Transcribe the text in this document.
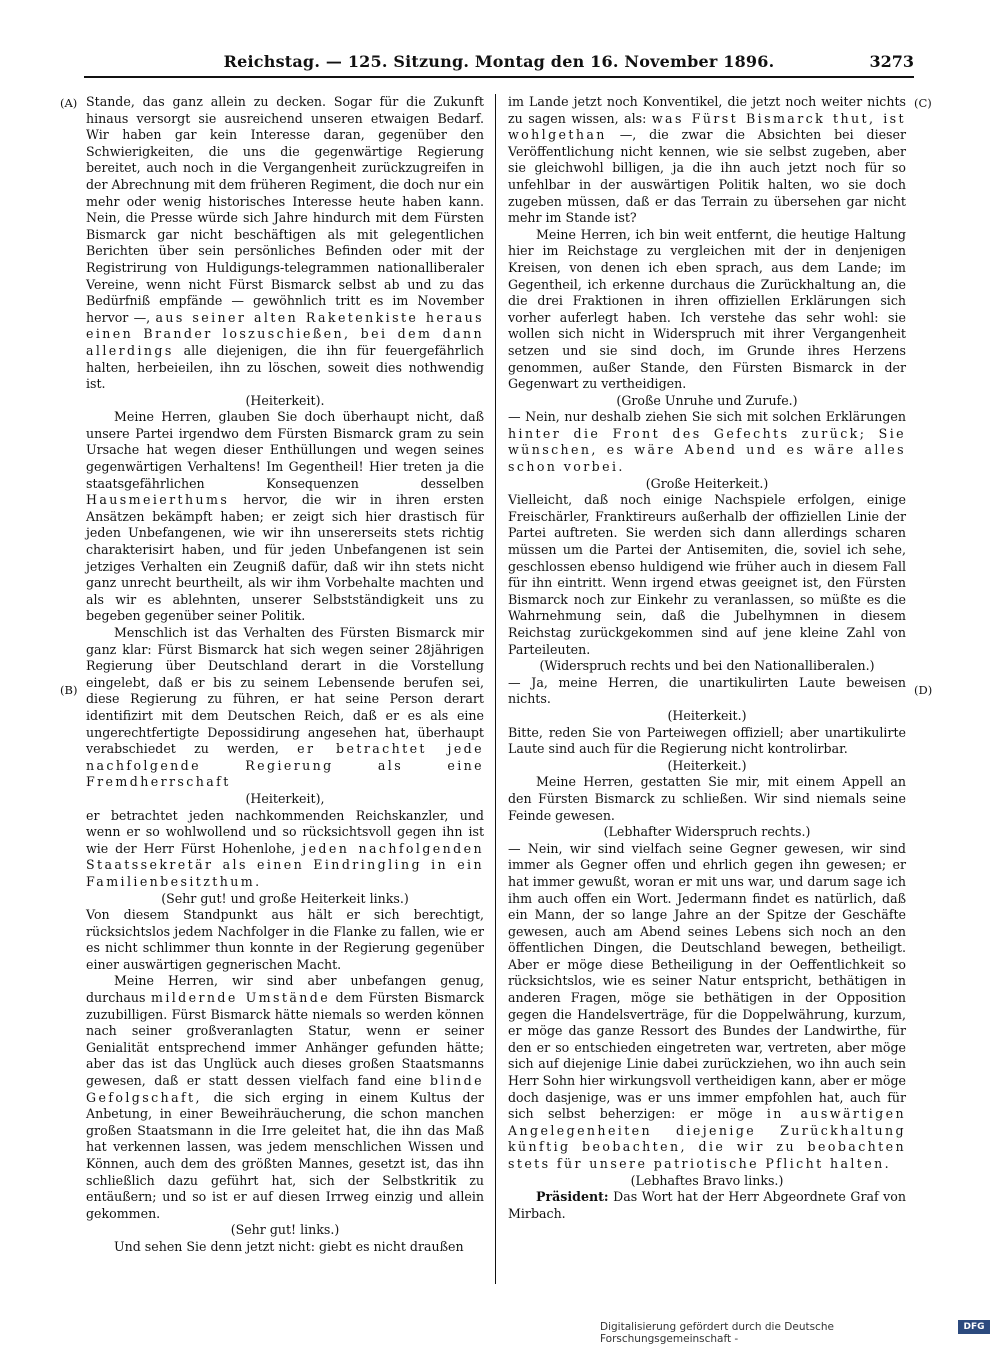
Reichstag. — 125. Sitzung. Montag den 16. November 1896.	3273
(A)
(B)
(C)
(D)

Stande, das ganz allein zu decken. Sogar für die Zukunft hinaus versorgt sie ausreichend unseren etwaigen Bedarf. Wir haben gar kein Interesse daran, gegenüber den Schwierigkeiten, die uns die gegenwärtige Regierung bereitet, auch noch in die Vergangenheit zurückzugreifen in der Abrechnung mit dem früheren Regiment, die doch nur ein mehr oder wenig historisches Interesse heute haben kann. Nein, die Presse würde sich Jahre hindurch mit dem Fürsten Bismarck gar nicht beschäftigen als mit gelegentlichen Berichten über sein persönliches Befinden oder mit der Registrirung von Huldigungs-telegrammen nationalliberaler Vereine, wenn nicht Fürst Bismarck selbst ab und zu das Bedürfniß empfände — gewöhnlich tritt es im November hervor —, aus seiner alten Raketenkiste heraus einen Brander loszuschießen, bei dem dann allerdings alle diejenigen, die ihn für feuergefährlich halten, herbeieilen, ihn zu löschen, soweit dies nothwendig ist.

(Heiterkeit).

Meine Herren, glauben Sie doch überhaupt nicht, daß unsere Partei irgendwo dem Fürsten Bismarck gram zu sein Ursache hat wegen dieser Enthüllungen und wegen seines gegenwärtigen Verhaltens! Im Gegentheil! Hier treten ja die staatsgefährlichen Konsequenzen desselben Hausmeierthums hervor, die wir in ihren ersten Ansätzen bekämpft haben; er zeigt sich hier drastisch für jeden Unbefangenen, wie wir ihn unsererseits stets richtig charakterisirt haben, und für jeden Unbefangenen ist sein jetziges Verhalten ein Zeugniß dafür, daß wir ihn stets nicht ganz unrecht beurtheilt, als wir ihm Vorbehalte machten und als wir es ablehnten, unserer Selbstständigkeit uns zu begeben gegenüber seiner Politik.

Menschlich ist das Verhalten des Fürsten Bismarck mir ganz klar: Fürst Bismarck hat sich wegen seiner 28jährigen Regierung über Deutschland derart in die Vorstellung eingelebt, daß er bis zu seinem Lebensende berufen sei, diese Regierung zu führen, er hat seine Person derart identifizirt mit dem Deutschen Reich, daß er es als eine ungerechtfertigte Depossidirung angesehen hat, überhaupt verabschiedet zu werden, er betrachtet jede nachfolgende Regierung als eine Fremdherrschaft

(Heiterkeit),

er betrachtet jeden nachkommenden Reichskanzler, und wenn er so wohlwollend und so rücksichtsvoll gegen ihn ist wie der Herr Fürst Hohenlohe, jeden nachfolgenden Staatssekretär als einen Eindringling in ein Familienbesitzthum.

(Sehr gut! und große Heiterkeit links.)

Von diesem Standpunkt aus hält er sich berechtigt, rücksichtslos jedem Nachfolger in die Flanke zu fallen, wie er es nicht schlimmer thun konnte in der Regierung gegenüber einer auswärtigen gegnerischen Macht.

Meine Herren, wir sind aber unbefangen genug, durchaus mildernde Umstände dem Fürsten Bismarck zuzubilligen. Fürst Bismarck hätte niemals so werden können nach seiner großveranlagten Statur, wenn er seiner Genialität entsprechend immer Anhänger gefunden hätte; aber das ist das Unglück auch dieses großen Staatsmanns gewesen, daß er statt dessen vielfach fand eine blinde Gefolgschaft, die sich erging in einem Kultus der Anbetung, in einer Beweihräucherung, die schon manchen großen Staatsmann in die Irre geleitet hat, die ihn das Maß hat verkennen lassen, was jedem menschlichen Wissen und Können, auch dem des größten Mannes, gesetzt ist, das ihn schließlich dazu geführt hat, sich der Selbstkritik zu entäußern; und so ist er auf diesen Irrweg einzig und allein gekommen.

(Sehr gut! links.)

Und sehen Sie denn jetzt nicht: giebt es nicht draußen

im Lande jetzt noch Konventikel, die jetzt noch weiter nichts zu sagen wissen, als: was Fürst Bismarck thut, ist wohlgethan —, die zwar die Absichten bei dieser Veröffentlichung nicht kennen, wie sie selbst zugeben, aber sie gleichwohl billigen, ja die ihn auch jetzt noch für so unfehlbar in der auswärtigen Politik halten, wo sie doch zugeben müssen, daß er das Terrain zu übersehen gar nicht mehr im Stande ist?

Meine Herren, ich bin weit entfernt, die heutige Haltung hier im Reichstage zu vergleichen mit der in denjenigen Kreisen, von denen ich eben sprach, aus dem Lande; im Gegentheil, ich erkenne durchaus die Zurückhaltung an, die die drei Fraktionen in ihren offiziellen Erklärungen sich vorher auferlegt haben. Ich verstehe das sehr wohl: sie wollen sich nicht in Widerspruch mit ihrer Vergangenheit setzen und sie sind doch, im Grunde ihres Herzens genommen, außer Stande, den Fürsten Bismarck in der Gegenwart zu vertheidigen.

(Große Unruhe und Zurufe.)

— Nein, nur deshalb ziehen Sie sich mit solchen Erklärungen hinter die Front des Gefechts zurück; Sie wünschen, es wäre Abend und es wäre alles schon vorbei.

(Große Heiterkeit.)

Vielleicht, daß noch einige Nachspiele erfolgen, einige Freischärler, Franktireurs außerhalb der offiziellen Linie der Partei auftreten. Sie werden sich dann allerdings scharen müssen um die Partei der Antisemiten, die, soviel ich sehe, geschlossen ebenso huldigend wie früher auch in diesem Fall für ihn eintritt. Wenn irgend etwas geeignet ist, den Fürsten Bismarck noch zur Einkehr zu veranlassen, so müßte es die Wahrnehmung sein, daß die Jubelhymnen in diesem Reichstag zurückgekommen sind auf jene kleine Zahl von Parteileuten.

(Widerspruch rechts und bei den Nationalliberalen.)

— Ja, meine Herren, die unartikulirten Laute beweisen nichts.

(Heiterkeit.)

Bitte, reden Sie von Parteiwegen offiziell; aber unartikulirte Laute sind auch für die Regierung nicht kontrolirbar.

(Heiterkeit.)

Meine Herren, gestatten Sie mir, mit einem Appell an den Fürsten Bismarck zu schließen. Wir sind niemals seine Feinde gewesen.

(Lebhafter Widerspruch rechts.)

— Nein, wir sind vielfach seine Gegner gewesen, wir sind immer als Gegner offen und ehrlich gegen ihn gewesen; er hat immer gewußt, woran er mit uns war, und darum sage ich ihm auch offen ein Wort. Jedermann findet es natürlich, daß ein Mann, der so lange Jahre an der Spitze der Geschäfte gewesen, auch am Abend seines Lebens sich noch an den öffentlichen Dingen, die Deutschland bewegen, betheiligt. Aber er möge diese Betheiligung in der Oeffentlichkeit so rücksichtslos, wie es seiner Natur entspricht, bethätigen in anderen Fragen, möge sie bethätigen in der Opposition gegen die Handelsverträge, für die Doppelwährung, kurzum, er möge das ganze Ressort des Bundes der Landwirthe, für den er so entschieden eingetreten war, vertreten, aber möge sich auf diejenige Linie dabei zurückziehen, wo ihn auch sein Herr Sohn hier wirkungsvoll vertheidigen kann, aber er möge doch dasjenige, was er uns immer empfohlen hat, auch für sich selbst beherzigen: er möge in auswärtigen Angelegenheiten diejenige Zurückhaltung künftig beobachten, die wir zu beobachten stets für unsere patriotische Pflicht halten.

(Lebhaftes Bravo links.)

Präsident: Das Wort hat der Herr Abgeordnete Graf von Mirbach.

Digitalisierung gefördert durch die Deutsche Forschungsgemeinschaft -
DFG
